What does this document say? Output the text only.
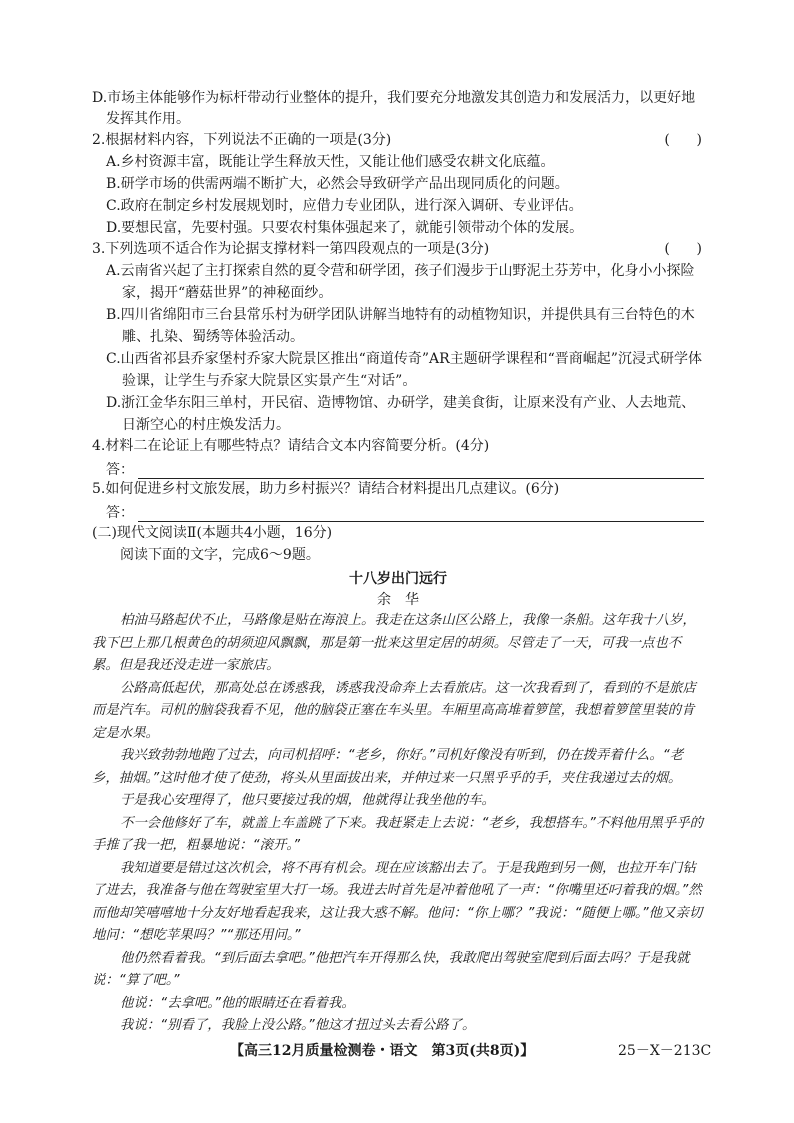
D.市场主体能够作为标杆带动行业整体的提升，我们要充分地激发其创造力和发展活力，以更好地发挥其作用。

2.根据材料内容，下列说法不正确的一项是(3分)	(      )

A.乡村资源丰富，既能让学生释放天性，又能让他们感受农耕文化底蕴。

B.研学市场的供需两端不断扩大，必然会导致研学产品出现同质化的问题。

C.政府在制定乡村发展规划时，应借力专业团队，进行深入调研、专业评估。

D.要想民富，先要村强。只要农村集体强起来了，就能引领带动个体的发展。

3.下列选项不适合作为论据支撑材料一第四段观点的一项是(3分)	(      )

A.云南省兴起了主打探索自然的夏令营和研学团，孩子们漫步于山野泥土芬芳中，化身小小探险家，揭开“蘑菇世界”的神秘面纱。

B.四川省绵阳市三台县常乐村为研学团队讲解当地特有的动植物知识，并提供具有三台特色的木雕、扎染、蜀绣等体验活动。

C.山西省祁县乔家堡村乔家大院景区推出“商道传奇”AR主题研学课程和“晋商崛起”沉浸式研学体验课，让学生与乔家大院景区实景产生“对话”。

D.浙江金华东阳三单村，开民宿、造博物馆、办研学，建美食街，让原来没有产业、人去地荒、日渐空心的村庄焕发活力。

4.材料二在论证上有哪些特点？请结合文本内容简要分析。(4分)

答：

5.如何促进乡村文旅发展，助力乡村振兴？请结合材料提出几点建议。(6分)

答：

(二)现代文阅读Ⅱ(本题共4小题，16分)

阅读下面的文字，完成6～9题。

十八岁出门远行

余华

柏油马路起伏不止，马路像是贴在海浪上。我走在这条山区公路上，我像一条船。这年我十八岁，我下巴上那几根黄色的胡须迎风飘飘，那是第一批来这里定居的胡须。尽管走了一天，可我一点也不累。但是我还没走进一家旅店。

公路高低起伏，那高处总在诱惑我，诱惑我没命奔上去看旅店。这一次我看到了，看到的不是旅店而是汽车。司机的脑袋我看不见，他的脑袋正塞在车头里。车厢里高高堆着箩筐，我想着箩筐里装的肯定是水果。

我兴致勃勃地跑了过去，向司机招呼：“老乡，你好。”司机好像没有听到，仍在拨弄着什么。“老乡，抽烟。”这时他才使了使劲，将头从里面拔出来，并伸过来一只黑乎乎的手，夹住我递过去的烟。

于是我心安理得了，他只要接过我的烟，他就得让我坐他的车。

不一会他修好了车，就盖上车盖跳了下来。我赶紧走上去说：“老乡，我想搭车。”不料他用黑乎乎的手推了我一把，粗暴地说：“滚开。”

我知道要是错过这次机会，将不再有机会。现在应该豁出去了。于是我跑到另一侧，也拉开车门钻了进去，我准备与他在驾驶室里大打一场。我进去时首先是冲着他吼了一声：“你嘴里还叼着我的烟。”然而他却笑嘻嘻地十分友好地看起我来，这让我大惑不解。他问：“你上哪？”我说：“随便上哪。”他又亲切地问：“想吃苹果吗？”“那还用问。”

他仍然看着我。“到后面去拿吧。”他把汽车开得那么快，我敢爬出驾驶室爬到后面去吗？于是我就说：“算了吧。”

他说：“去拿吧。”他的眼睛还在看着我。

我说：“别看了，我脸上没公路。”他这才扭过头去看公路了。

【高三12月质量检测卷・语文　第3页(共8页)】	25－X－213C
